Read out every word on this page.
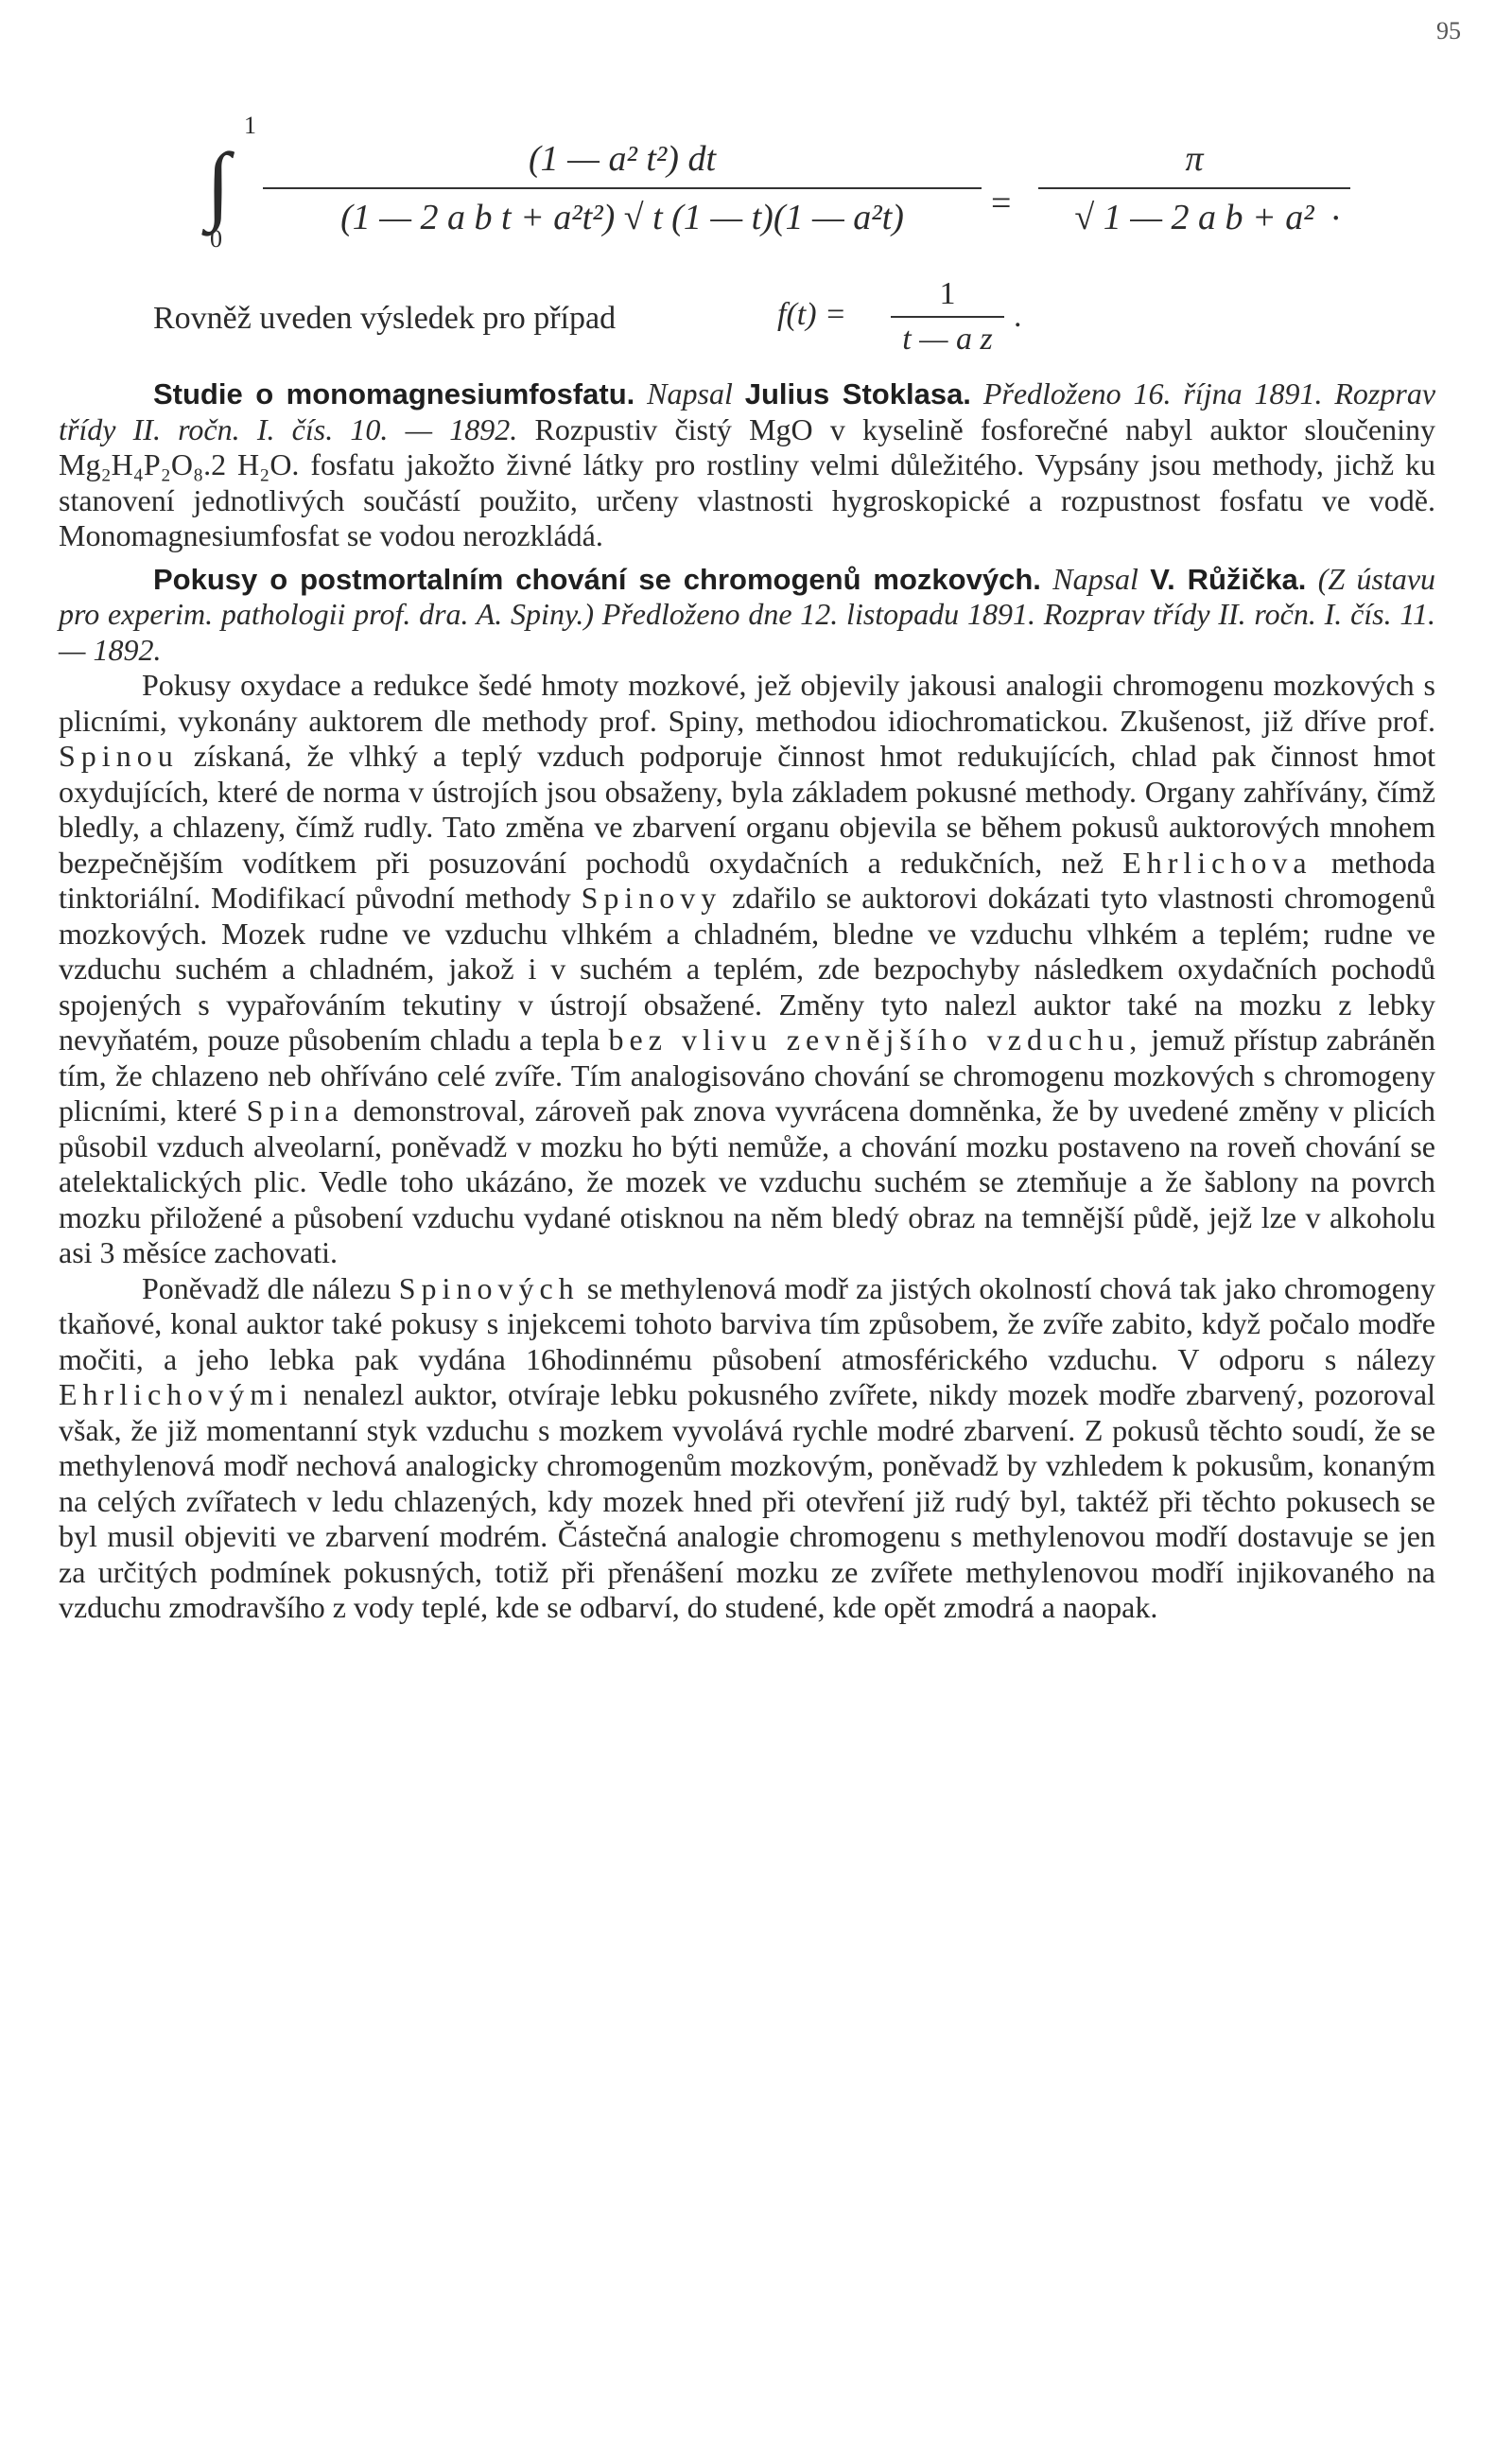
95
1
∫
0
(1 — a² t²) dt
(1 — 2 a b t + a²t²) √ t (1 — t)(1 — a²t)	=
π
√ 1 — 2 a b + a² .
Rovněž uveden výsledek pro případ	f(t) =
1
t — a z
.

Studie o monomagnesiumfosfatu. Napsal Julius Stoklasa. Předloženo 16. října 1891. Rozprav třídy II. ročn. I. čís. 10. — 1892. Rozpustiv čistý MgO v kyselině fosforečné nabyl auktor sloučeniny Mg₂H₄P₂O₈.2 H₂O. fosfatu jakožto živné látky pro rostliny velmi důležitého. Vypsány jsou methody, jichž ku stanovení jednotlivých součástí použito, určeny vlastnosti hygroskopické a rozpustnost fosfatu ve vodě. Monomagnesiumfosfat se vodou nerozkládá.

Pokusy o postmortalním chování se chromogenů mozkových. Napsal V. Růžička. (Z ústavu pro experim. pathologii prof. dra. A. Spiny.) Předloženo dne 12. listopadu 1891. Rozprav třídy II. ročn. I. čís. 11. — 1892.

Pokusy oxydace a redukce šedé hmoty mozkové, jež objevily jakousi analogii chromogenu mozkových s plicními, vykonány auktorem dle methody prof. Spiny, methodou idiochromatickou. Zkušenost, již dříve prof. Spinou získaná, že vlhký a teplý vzduch podporuje činnost hmot redukujících, chlad pak činnost hmot oxydujících, které de norma v ústrojích jsou obsaženy, byla základem pokusné methody. Organy zahřívány, čímž bledly, a chlazeny, čímž rudly. Tato změna ve zbarvení organu objevila se během pokusů auktorových mnohem bezpečnějším vodítkem při posuzování pochodů oxydačních a redukčních, než Ehrlichova methoda tinktoriální. Modifikací původní methody Spinovy zdařilo se auktorovi dokázati tyto vlastnosti chromogenů mozkových. Mozek rudne ve vzduchu vlhkém a chladném, bledne ve vzduchu vlhkém a teplém; rudne ve vzduchu suchém a chladném, jakož i v suchém a teplém, zde bezpochyby následkem oxydačních pochodů spojených s vypařováním tekutiny v ústrojí obsažené. Změny tyto nalezl auktor také na mozku z lebky nevyňatém, pouze působením chladu a tepla bez vlivu zevnějšího vzduchu, jemuž přístup zabráněn tím, že chlazeno neb ohříváno celé zvíře. Tím analogisováno chování se chromogenu mozkových s chromogeny plicními, které Spina demonstroval, zároveň pak znova vyvrácena domněnka, že by uvedené změny v plicích působil vzduch alveolarní, poněvadž v mozku ho býti nemůže, a chování mozku postaveno na roveň chování se atelektalických plic. Vedle toho ukázáno, že mozek ve vzduchu suchém se ztemňuje a že šablony na povrch mozku přiložené a působení vzduchu vydané otisknou na něm bledý obraz na temnější půdě, jejž lze v alkoholu asi 3 měsíce zachovati.

Poněvadž dle nálezu Spinových se methylenová modř za jistých okolností chová tak jako chromogeny tkaňové, konal auktor také pokusy s injekcemi tohoto barviva tím způsobem, že zvíře zabito, když počalo modře močiti, a jeho lebka pak vydána 16hodinnému působení atmosférického vzduchu. V odporu s nálezy Ehrlichovými nenalezl auktor, otvíraje lebku pokusného zvířete, nikdy mozek modře zbarvený, pozoroval však, že již momentanní styk vzduchu s mozkem vyvolává rychle modré zbarvení. Z pokusů těchto soudí, že se methylenová modř nechová analogicky chromogenům mozkovým, poněvadž by vzhledem k pokusům, konaným na celých zvířatech v ledu chlazených, kdy mozek hned při otevření již rudý byl, taktéž při těchto pokusech se byl musil objeviti ve zbarvení modrém. Částečná analogie chromogenu s methylenovou modří dostavuje se jen za určitých podmínek pokusných, totiž při přenášení mozku ze zvířete methylenovou modří injikovaného na vzduchu zmodravšího z vody teplé, kde se odbarví, do studené, kde opět zmodrá a naopak.
